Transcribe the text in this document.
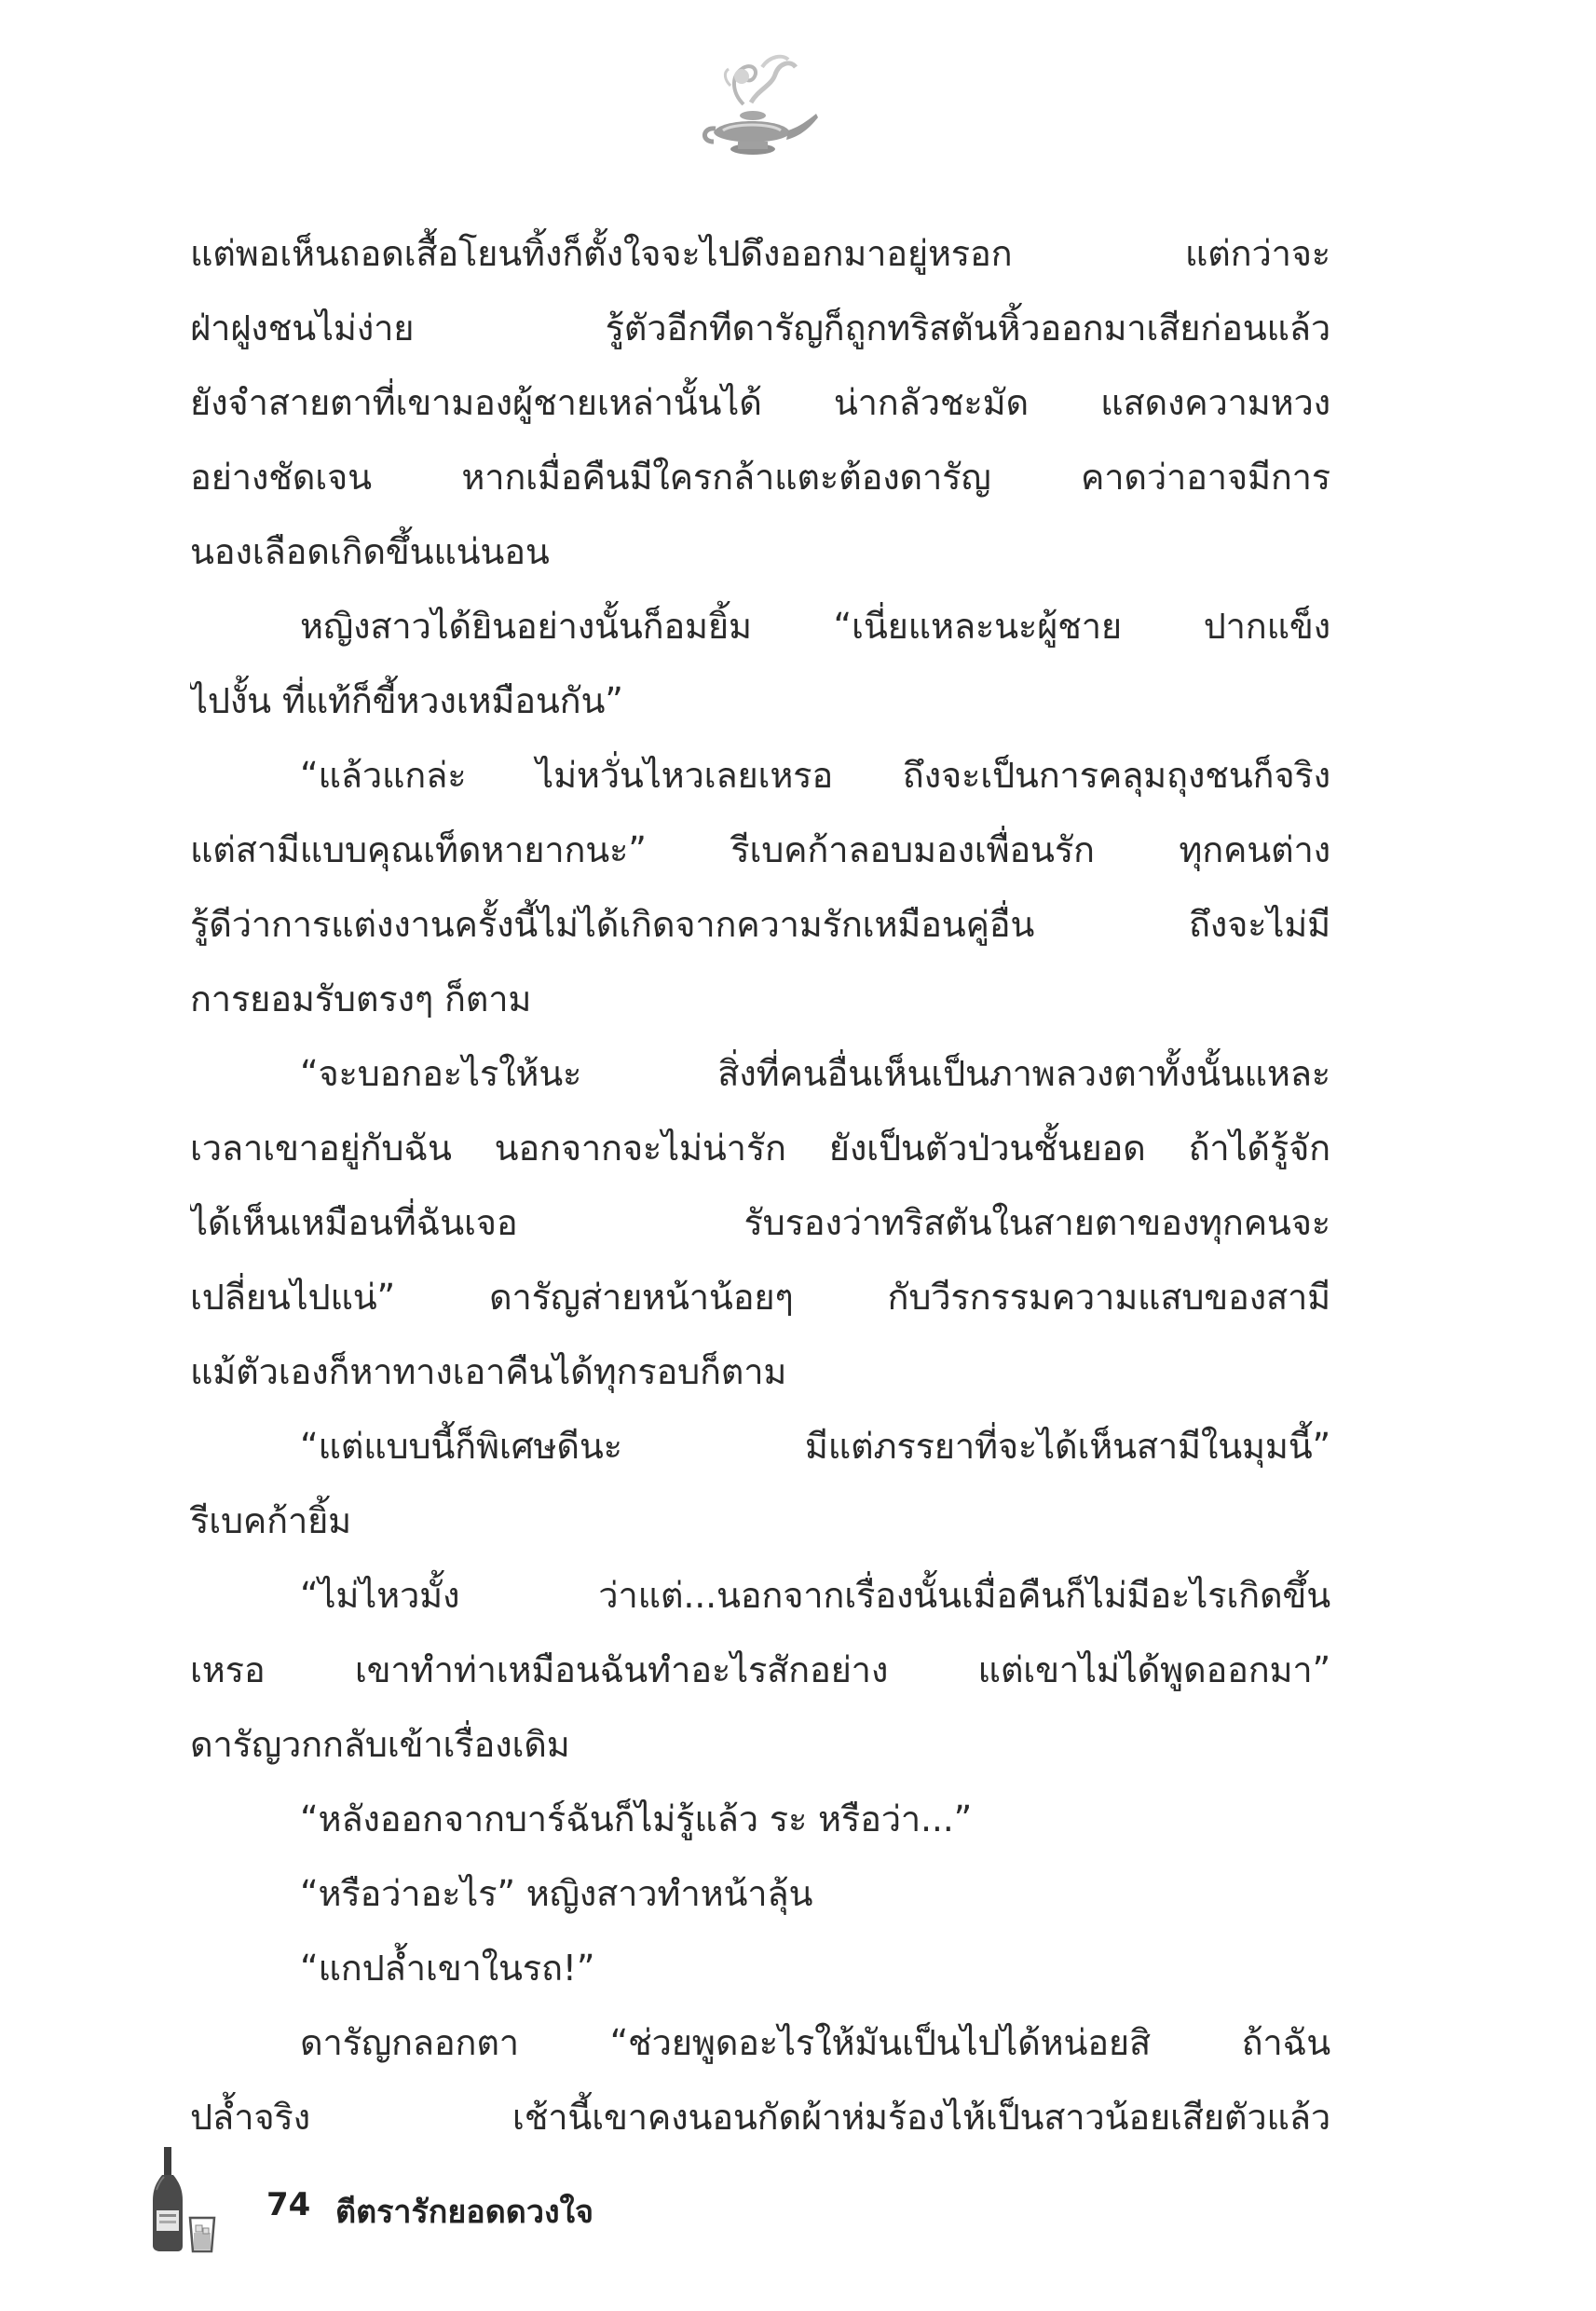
แต่พอเห็นถอดเสื้อโยนทิ้งก็ตั้งใจจะไปดึงออกมาอยู่หรอก แต่กว่าจะ
ฝ่าฝูงชนไม่ง่าย รู้ตัวอีกทีดารัญก็ถูกทริสตันหิ้วออกมาเสียก่อนแล้ว
ยังจำสายตาที่เขามองผู้ชายเหล่านั้นได้ น่ากลัวชะมัด แสดงความหวง
อย่างชัดเจน หากเมื่อคืนมีใครกล้าแตะต้องดารัญ คาดว่าอาจมีการ
นองเลือดเกิดขึ้นแน่นอน
หญิงสาวได้ยินอย่างนั้นก็อมยิ้ม “เนี่ยแหละนะผู้ชาย ปากแข็ง
ไปงั้น ที่แท้ก็ขี้หวงเหมือนกัน”
“แล้วแกล่ะ ไม่หวั่นไหวเลยเหรอ ถึงจะเป็นการคลุมถุงชนก็จริง
แต่สามีแบบคุณเท็ดหายากนะ” รีเบคก้าลอบมองเพื่อนรัก ทุกคนต่าง
รู้ดีว่าการแต่งงานครั้งนี้ไม่ได้เกิดจากความรักเหมือนคู่อื่น ถึงจะไม่มี
การยอมรับตรงๆ ก็ตาม
“จะบอกอะไรให้นะ สิ่งที่คนอื่นเห็นเป็นภาพลวงตาทั้งนั้นแหละ
เวลาเขาอยู่กับฉัน นอกจากจะไม่น่ารัก ยังเป็นตัวป่วนชั้นยอด ถ้าได้รู้จัก
ได้เห็นเหมือนที่ฉันเจอ รับรองว่าทริสตันในสายตาของทุกคนจะ
เปลี่ยนไปแน่” ดารัญส่ายหน้าน้อยๆ กับวีรกรรมความแสบของสามี
แม้ตัวเองก็หาทางเอาคืนได้ทุกรอบก็ตาม
“แต่แบบนี้ก็พิเศษดีนะ มีแต่ภรรยาที่จะได้เห็นสามีในมุมนี้”
รีเบคก้ายิ้ม
“ไม่ไหวมั้ง ว่าแต่...นอกจากเรื่องนั้นเมื่อคืนก็ไม่มีอะไรเกิดขึ้น
เหรอ เขาทำท่าเหมือนฉันทำอะไรสักอย่าง แต่เขาไม่ได้พูดออกมา”
ดารัญวกกลับเข้าเรื่องเดิม
“หลังออกจากบาร์ฉันก็ไม่รู้แล้ว ระ หรือว่า...”
“หรือว่าอะไร” หญิงสาวทำหน้าลุ้น
“แกปล้ำเขาในรถ!”
ดารัญกลอกตา “ช่วยพูดอะไรให้มันเป็นไปได้หน่อยสิ ถ้าฉัน
ปล้ำจริง เช้านี้เขาคงนอนกัดผ้าห่มร้องไห้เป็นสาวน้อยเสียตัวแล้ว
74 ตีตรารักยอดดวงใจ
